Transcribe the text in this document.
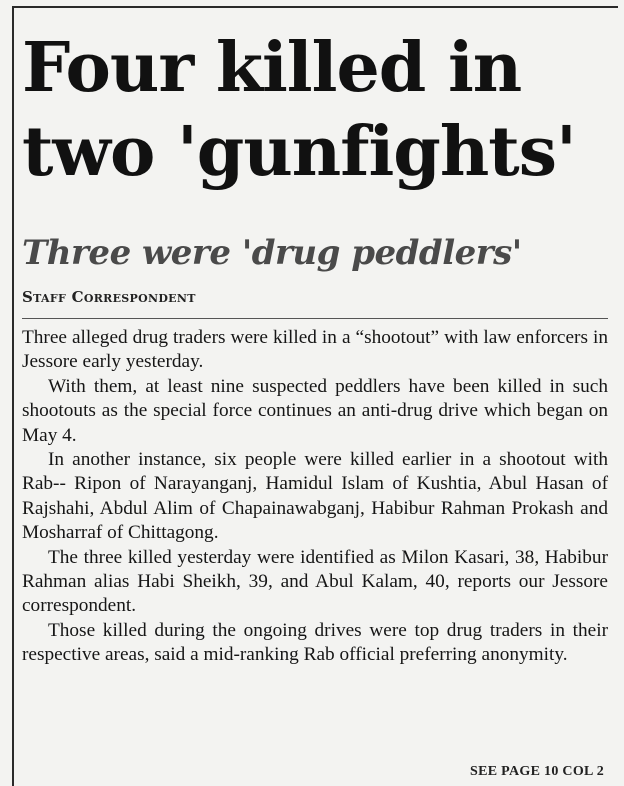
Four killed in two 'gunfights'
Three were 'drug peddlers'
Staff Correspondent

Three alleged drug traders were killed in a “shootout” with law enforcers in Jessore early yesterday.

With them, at least nine suspected peddlers have been killed in such shootouts as the special force continues an anti-drug drive which began on May 4.

In another instance, six people were killed earlier in a shootout with Rab-- Ripon of Narayanganj, Hamidul Islam of Kushtia, Abul Hasan of Rajshahi, Abdul Alim of Chapainawabganj, Habibur Rahman Prokash and Mosharraf of Chittagong.

The three killed yesterday were identified as Milon Kasari, 38, Habibur Rahman alias Habi Sheikh, 39, and Abul Kalam, 40, reports our Jessore correspondent.

Those killed during the ongoing drives were top drug traders in their respective areas, said a mid-ranking Rab official preferring anonymity.

SEE PAGE 10 COL 2
